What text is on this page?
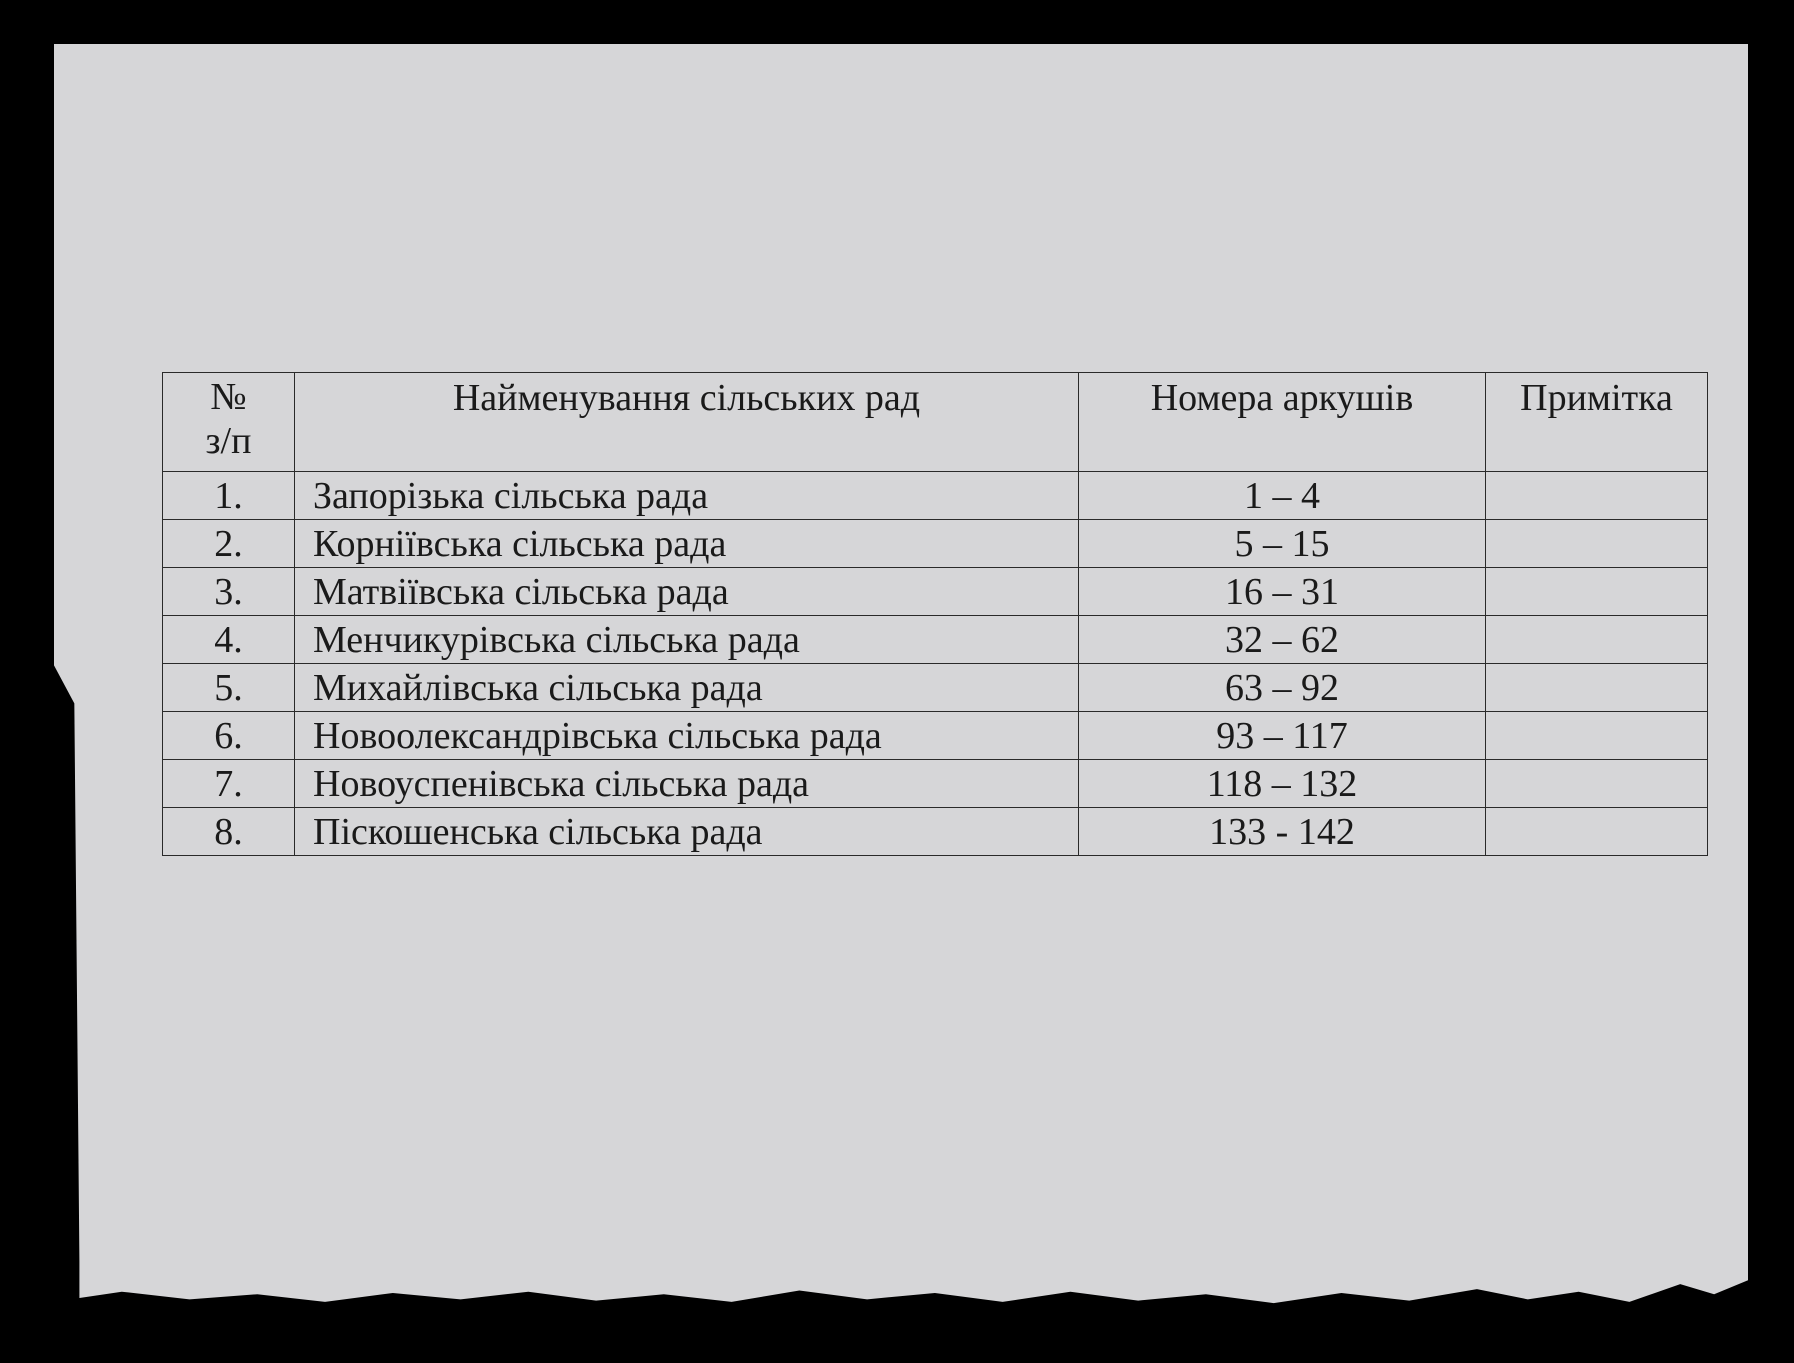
№
з/п	Найменування сільських рад	Номера аркушів	Примітка
1.	Запорізька сільська рада	1 – 4	
2.	Корніївська сільська рада	5 – 15	
3.	Матвіївська сільська рада	16 – 31	
4.	Менчикурівська сільська рада	32 – 62	
5.	Михайлівська сільська рада	63 – 92	
6.	Новоолександрівська сільська рада	93 – 117	
7.	Новоуспенівська сільська рада	118 – 132	
8.	Піскошенська сільська рада	133 - 142	
